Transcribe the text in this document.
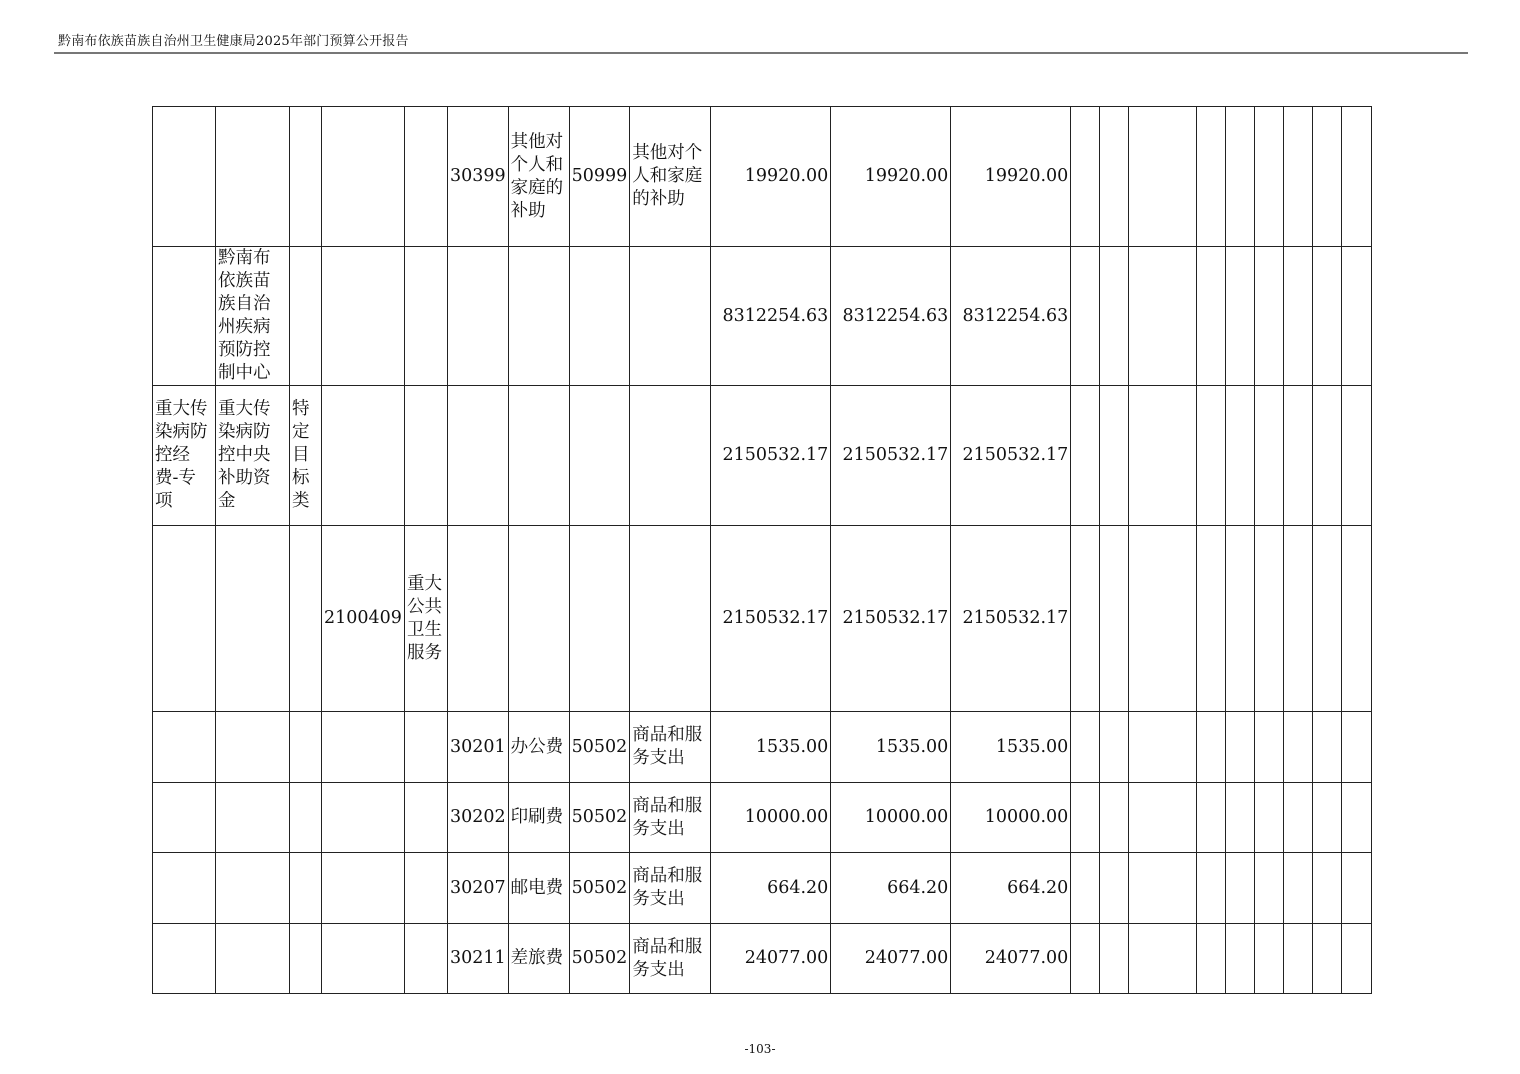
黔南布依族苗族自治州卫生健康局2025年部门预算公开报告
					30399	其他对个人和家庭的补助	50999	其他对个人和家庭的补助	19920.00	19920.00	19920.00									
	黔南布依族苗族自治州疾病预防控制中心								8312254.63	8312254.63	8312254.63									
重大传染病防控经费-专项	重大传染病防控中央补助资金	特定目标类							2150532.17	2150532.17	2150532.17									
			2100409	重大公共卫生服务					2150532.17	2150532.17	2150532.17									
					30201	办公费	50502	商品和服务支出	1535.00	1535.00	1535.00									
					30202	印刷费	50502	商品和服务支出	10000.00	10000.00	10000.00									
					30207	邮电费	50502	商品和服务支出	664.20	664.20	664.20									
					30211	差旅费	50502	商品和服务支出	24077.00	24077.00	24077.00									
-103-
